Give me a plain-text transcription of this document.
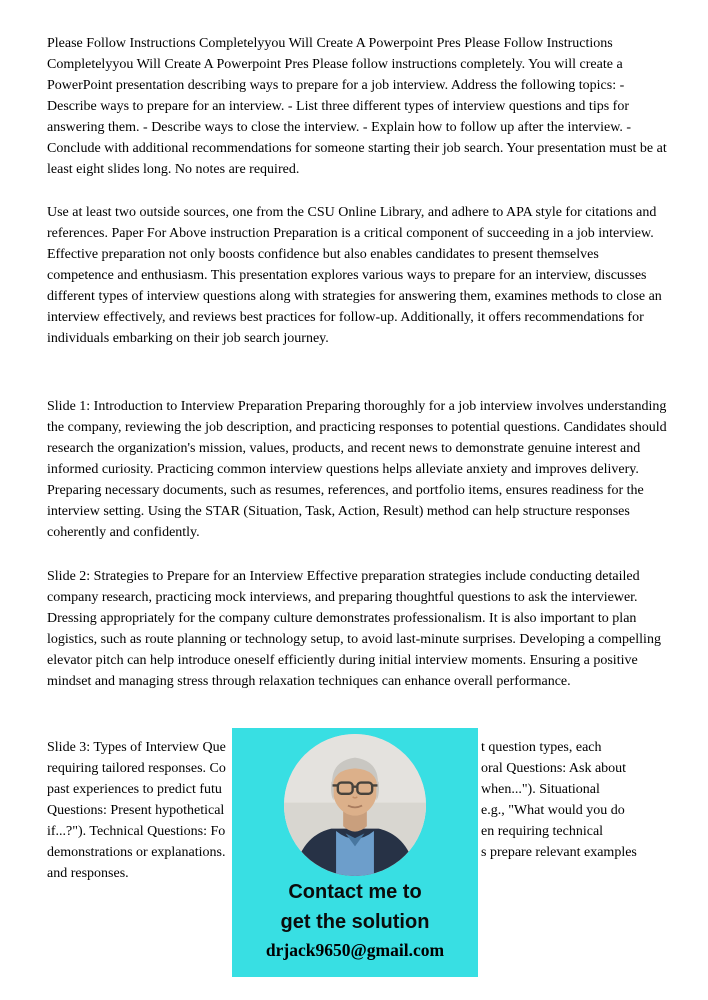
Please Follow Instructions Completelyyou Will Create A Powerpoint Pres Please Follow Instructions Completelyyou Will Create A Powerpoint Pres Please follow instructions completely. You will create a PowerPoint presentation describing ways to prepare for a job interview. Address the following topics: - Describe ways to prepare for an interview. - List three different types of interview questions and tips for answering them. - Describe ways to close the interview. - Explain how to follow up after the interview. - Conclude with additional recommendations for someone starting their job search. Your presentation must be at least eight slides long. No notes are required.

Use at least two outside sources, one from the CSU Online Library, and adhere to APA style for citations and references. Paper For Above instruction Preparation is a critical component of succeeding in a job interview. Effective preparation not only boosts confidence but also enables candidates to present themselves competence and enthusiasm. This presentation explores various ways to prepare for an interview, discusses different types of interview questions along with strategies for answering them, examines methods to close an interview effectively, and reviews best practices for follow-up. Additionally, it offers recommendations for individuals embarking on their job search journey.

Slide 1: Introduction to Interview Preparation Preparing thoroughly for a job interview involves understanding the company, reviewing the job description, and practicing responses to potential questions. Candidates should research the organization's mission, values, products, and recent news to demonstrate genuine interest and informed curiosity. Practicing common interview questions helps alleviate anxiety and improves delivery. Preparing necessary documents, such as resumes, references, and portfolio items, ensures readiness for the interview setting. Using the STAR (Situation, Task, Action, Result) method can help structure responses coherently and confidently.

Slide 2: Strategies to Prepare for an Interview Effective preparation strategies include conducting detailed company research, practicing mock interviews, and preparing thoughtful questions to ask the interviewer. Dressing appropriately for the company culture demonstrates professionalism. It is also important to plan logistics, such as route planning or technology setup, to avoid last-minute surprises. Developing a compelling elevator pitch can help introduce oneself efficiently during initial interview moments. Ensuring a positive mindset and managing stress through relaxation techniques can enhance overall performance.

Slide 3: Types of Interview Que	t question types, each
requiring tailored responses. Co	oral Questions: Ask about
past experiences to predict futu	when..."). Situational
Questions: Present hypothetical	e.g., "What would you do
if...?"). Technical Questions: Fo	en requiring technical
demonstrations or explanations.	s prepare relevant examples
and responses.
Contact me to
get the solution
drjack9650@gmail.com
